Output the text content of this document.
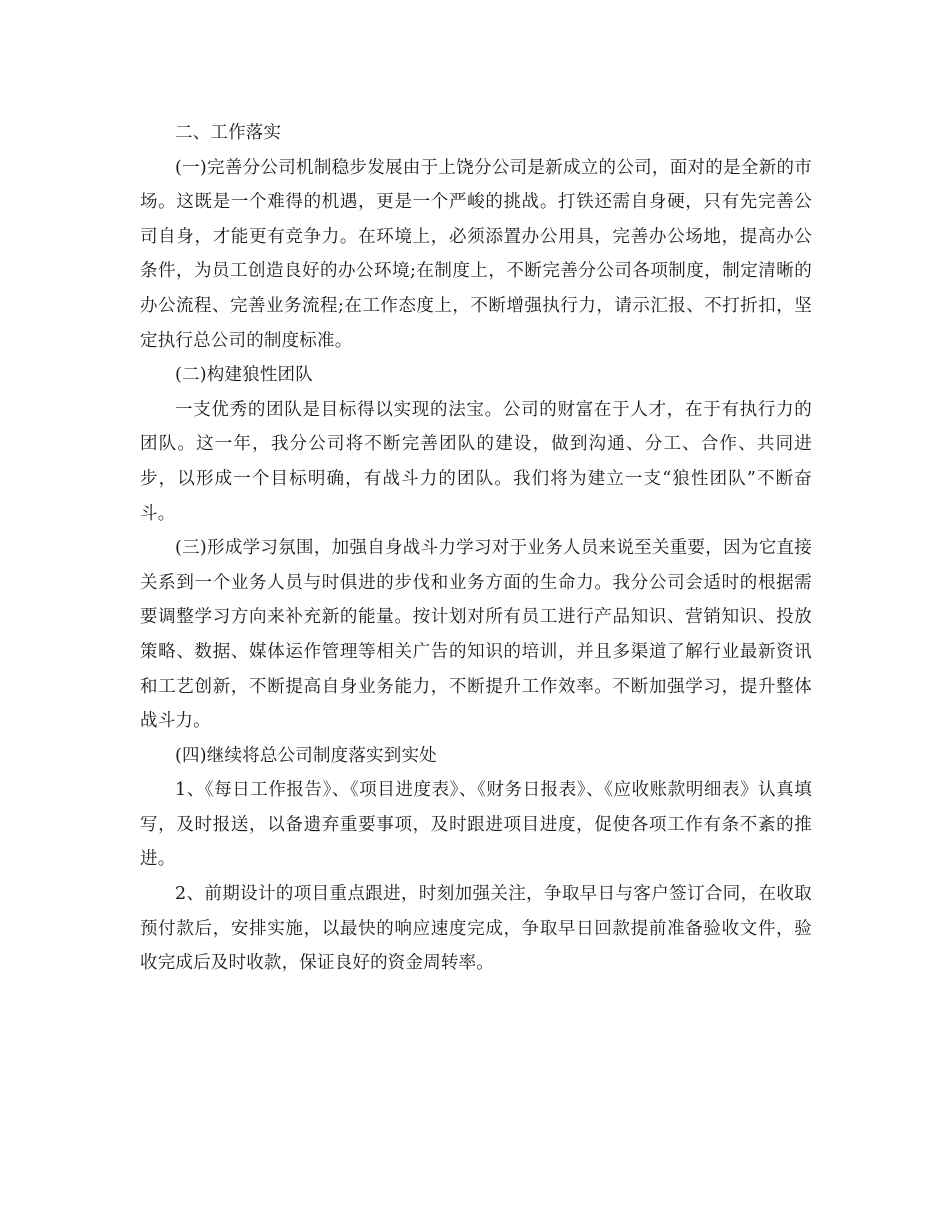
二、工作落实

(一)完善分公司机制稳步发展由于上饶分公司是新成立的公司，面对的是全新的市场。这既是一个难得的机遇，更是一个严峻的挑战。打铁还需自身硬，只有先完善公司自身，才能更有竞争力。在环境上，必须添置办公用具，完善办公场地，提高办公条件，为员工创造良好的办公环境;在制度上，不断完善分公司各项制度，制定清晰的办公流程、完善业务流程;在工作态度上，不断增强执行力，请示汇报、不打折扣，坚定执行总公司的制度标准。

(二)构建狼性团队

一支优秀的团队是目标得以实现的法宝。公司的财富在于人才，在于有执行力的团队。这一年，我分公司将不断完善团队的建设，做到沟通、分工、合作、共同进步，以形成一个目标明确，有战斗力的团队。我们将为建立一支“狼性团队”不断奋斗。

(三)形成学习氛围，加强自身战斗力学习对于业务人员来说至关重要，因为它直接关系到一个业务人员与时俱进的步伐和业务方面的生命力。我分公司会适时的根据需要调整学习方向来补充新的能量。按计划对所有员工进行产品知识、营销知识、投放策略、数据、媒体运作管理等相关广告的知识的培训，并且多渠道了解行业最新资讯和工艺创新，不断提高自身业务能力，不断提升工作效率。不断加强学习，提升整体战斗力。

(四)继续将总公司制度落实到实处

1、《每日工作报告》、《项目进度表》、《财务日报表》、《应收账款明细表》认真填写，及时报送，以备遗弃重要事项，及时跟进项目进度，促使各项工作有条不紊的推进。

2、前期设计的项目重点跟进，时刻加强关注，争取早日与客户签订合同，在收取预付款后，安排实施，以最快的响应速度完成，争取早日回款提前准备验收文件，验收完成后及时收款，保证良好的资金周转率。
